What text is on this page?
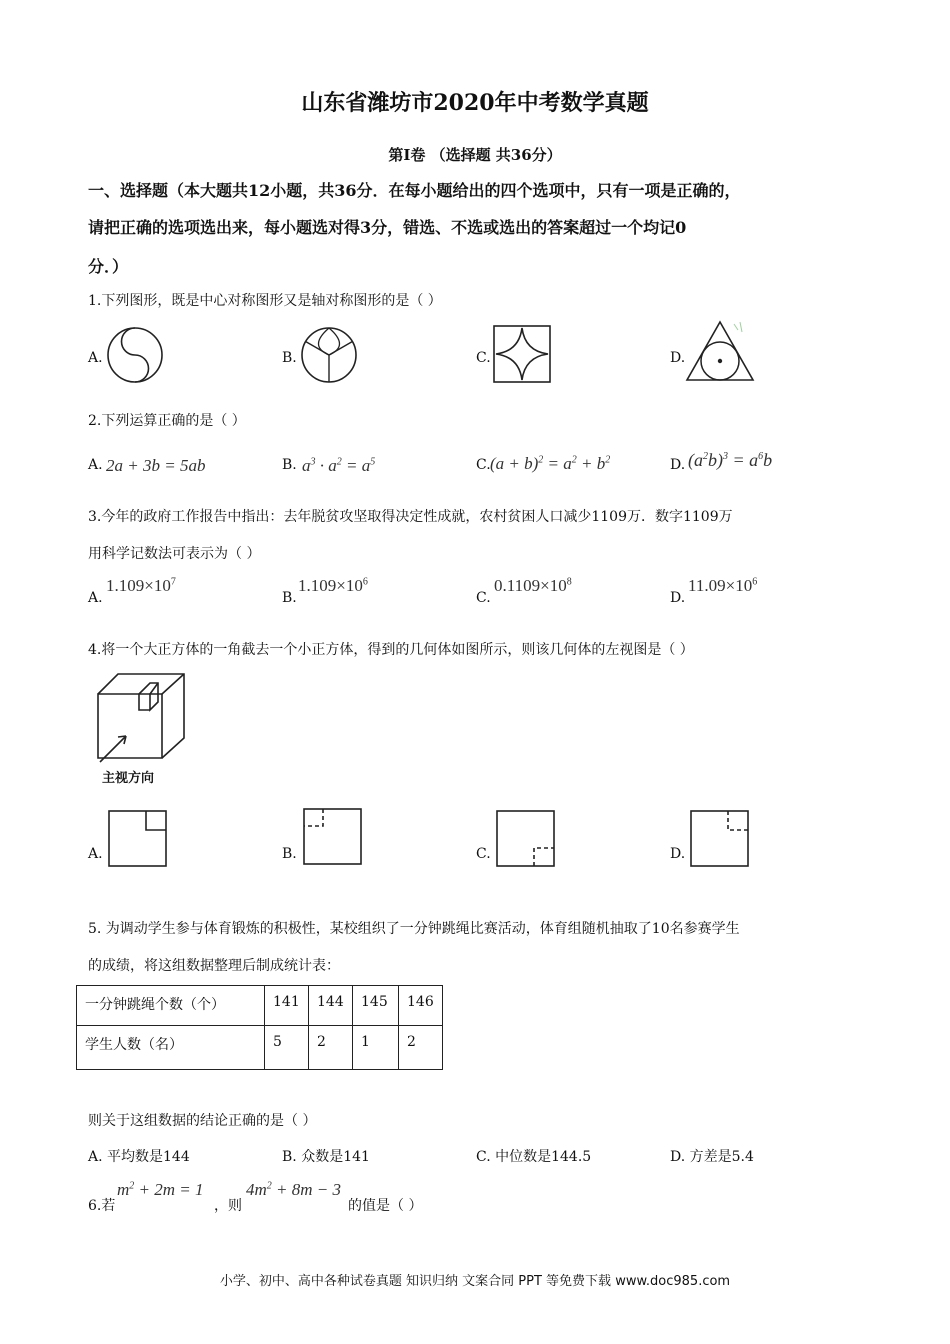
山东省潍坊市2020年中考数学真题
第Ⅰ卷 （选择题 共36分）
一、选择题（本大题共12小题，共36分．在每小题给出的四个选项中，只有一项是正确的，
请把正确的选项选出来，每小题选对得3分，错选、不选或选出的答案超过一个均记0
分．）
1.下列图形，既是中心对称图形又是轴对称图形的是（ ）
A.	B.	C.	D.
2.下列运算正确的是（ ）
A. 2a + 3b = 5ab	B. $a^3 \cdot a^2 = a^5$	C. $(a + b)^2 = a^2 + b^2$	D. $(a^2b)^3 = a^6b$
3.今年的政府工作报告中指出：去年脱贫攻坚取得决定性成就，农村贫困人口减少1109万．数字1109万
用科学记数法可表示为（ ）
A.
$1.109\times 10^7$
B.
$1.109\times 10^6$
C.
$0.1109\times 10^8$
D.
$11.09\times 10^6$
4.将一个大正方体的一角截去一个小正方体，得到的几何体如图所示，则该几何体的左视图是（ ）
主视方向
A.	B.	C.	D.
5. 为调动学生参与体育锻炼的积极性，某校组织了一分钟跳绳比赛活动，体育组随机抽取了10名参赛学生
的成绩，将这组数据整理后制成统计表：
一分钟跳绳个数（个）	141	144	145	146
学生人数（名）	5	2	1	2
则关于这组数据的结论正确的是（ ）
A. 平均数是144	B. 众数是141	C. 中位数是144.5	D. 方差是5.4
6.若
$m^2 + 2m = 1$
，则
$4m^2 + 8m - 3$
的值是（ ）
小学、初中、高中各种试卷真题 知识归纳 文案合同 PPT 等免费下载 www.doc985.com
